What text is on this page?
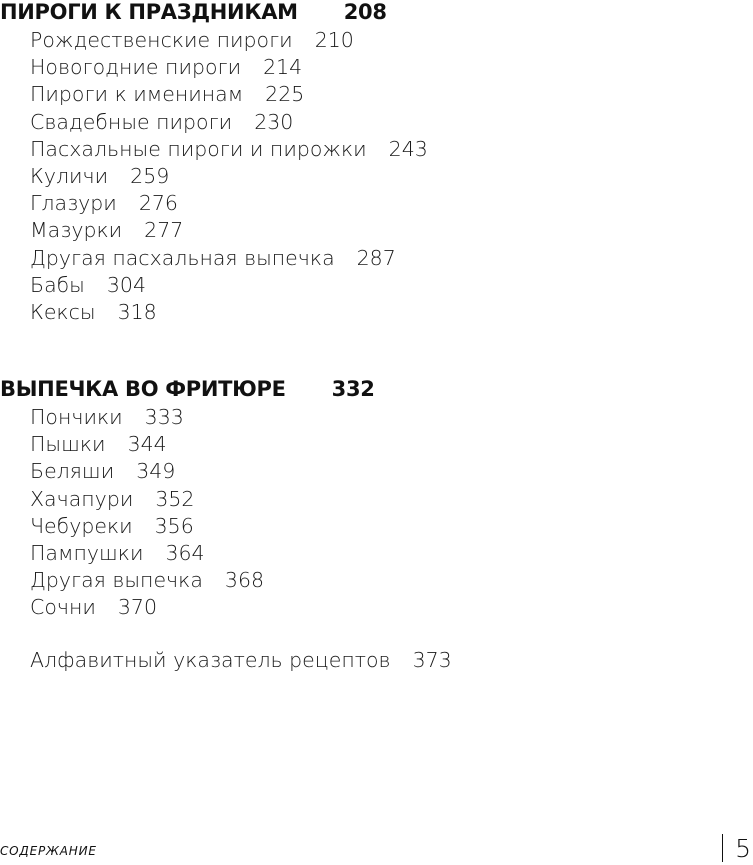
ПИРОГИ К ПРАЗДНИКАМ 208
Рождественские пироги 210
Новогодние пироги 214
Пироги к именинам 225
Свадебные пироги 230
Пасхальные пироги и пирожки 243
Куличи 259
Глазури 276
Мазурки 277
Другая пасхальная выпечка 287
Бабы 304
Кексы 318
ВЫПЕЧКА ВО ФРИТЮРЕ 332
Пончики 333
Пышки 344
Беляши 349
Хачапури 352
Чебуреки 356
Пампушки 364
Другая выпечка 368
Сочни 370
Алфавитный указатель рецептов 373
СОДЕРЖАНИЕ	5
